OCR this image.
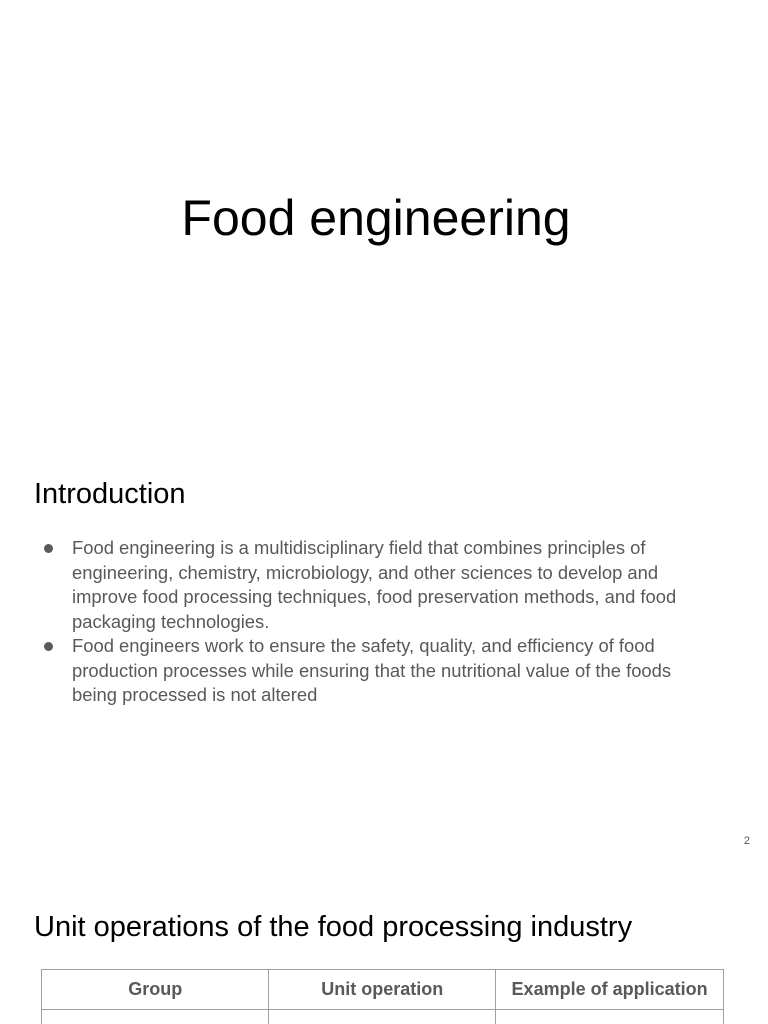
Food engineering
Introduction
Food engineering is a multidisciplinary field that combines principles of engineering, chemistry, microbiology, and other sciences to develop and improve food processing techniques, food preservation methods, and food packaging technologies.
Food engineers work to ensure the safety, quality, and efficiency of food production processes while ensuring that the nutritional value of the foods being processed is not altered
2
Unit operations of the food processing industry
Group	Unit operation	Example of application
